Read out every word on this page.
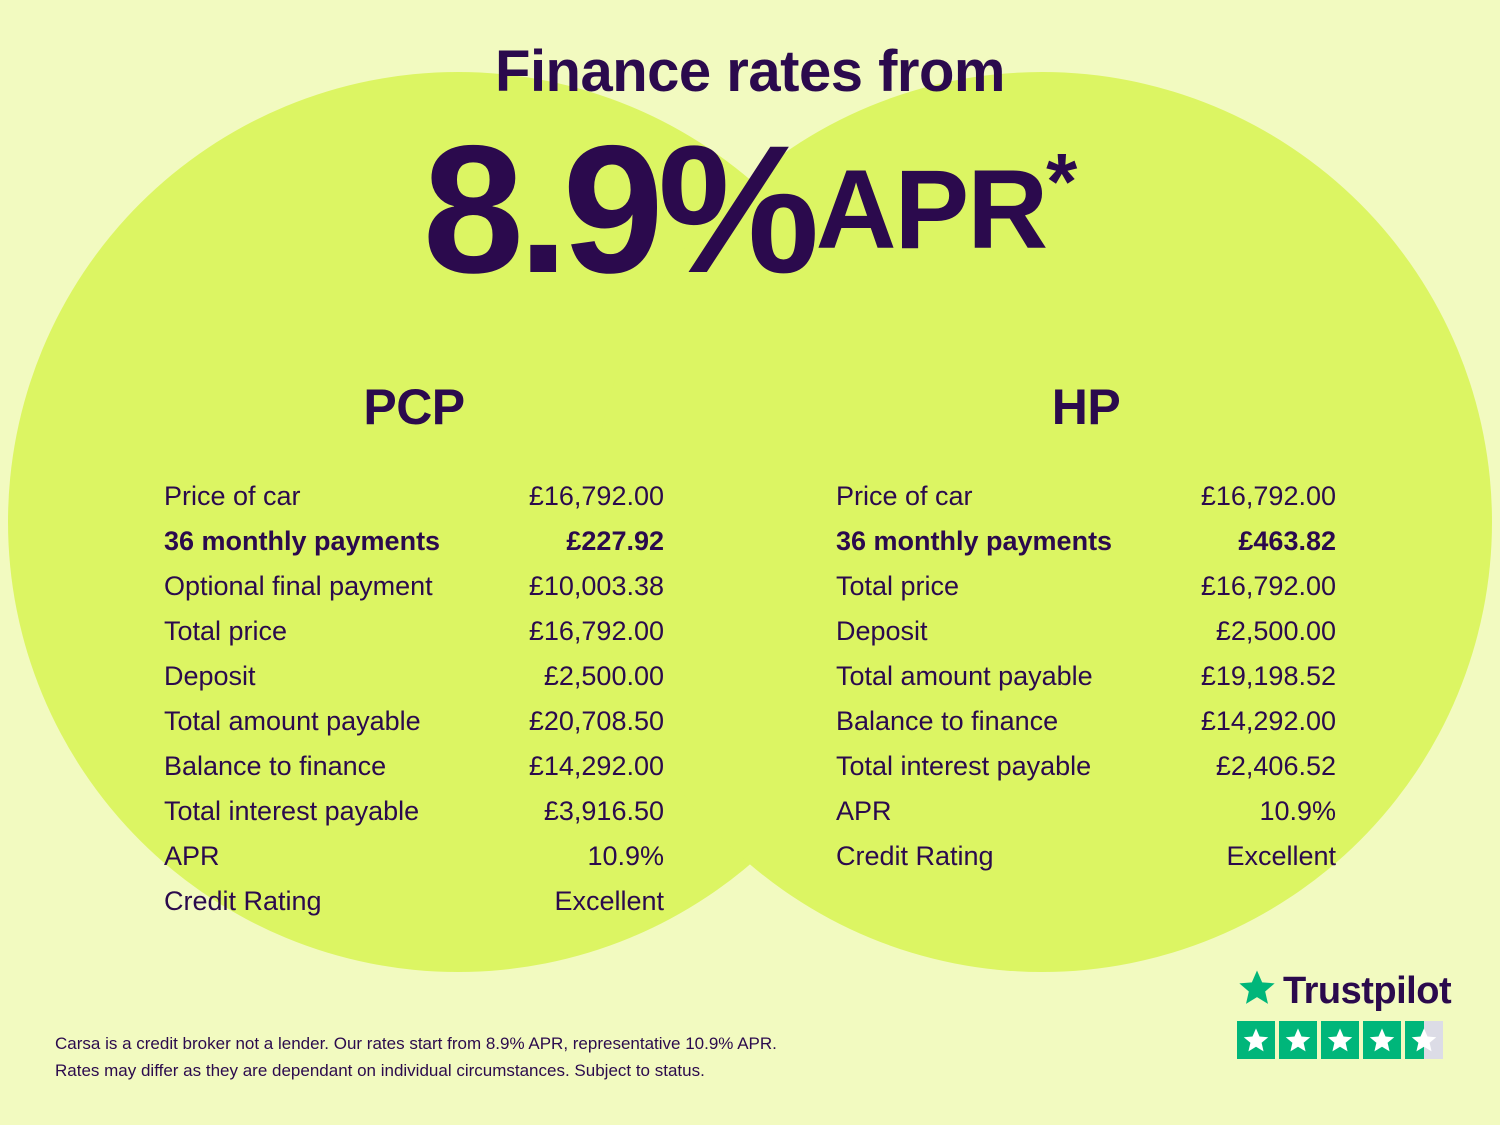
Finance rates from
8.9%APR*
PCP
Price of car	£16,792.00
36 monthly payments	£227.92
Optional final payment	£10,003.38
Total price	£16,792.00
Deposit	£2,500.00
Total amount payable	£20,708.50
Balance to finance	£14,292.00
Total interest payable	£3,916.50
APR	10.9%
Credit Rating	Excellent
HP
Price of car	£16,792.00
36 monthly payments	£463.82
Total price	£16,792.00
Deposit	£2,500.00
Total amount payable	£19,198.52
Balance to finance	£14,292.00
Total interest payable	£2,406.52
APR	10.9%
Credit Rating	Excellent
Carsa is a credit broker not a lender. Our rates start from 8.9% APR, representative 10.9% APR.
Rates may differ as they are dependant on individual circumstances. Subject to status.
Trustpilot
